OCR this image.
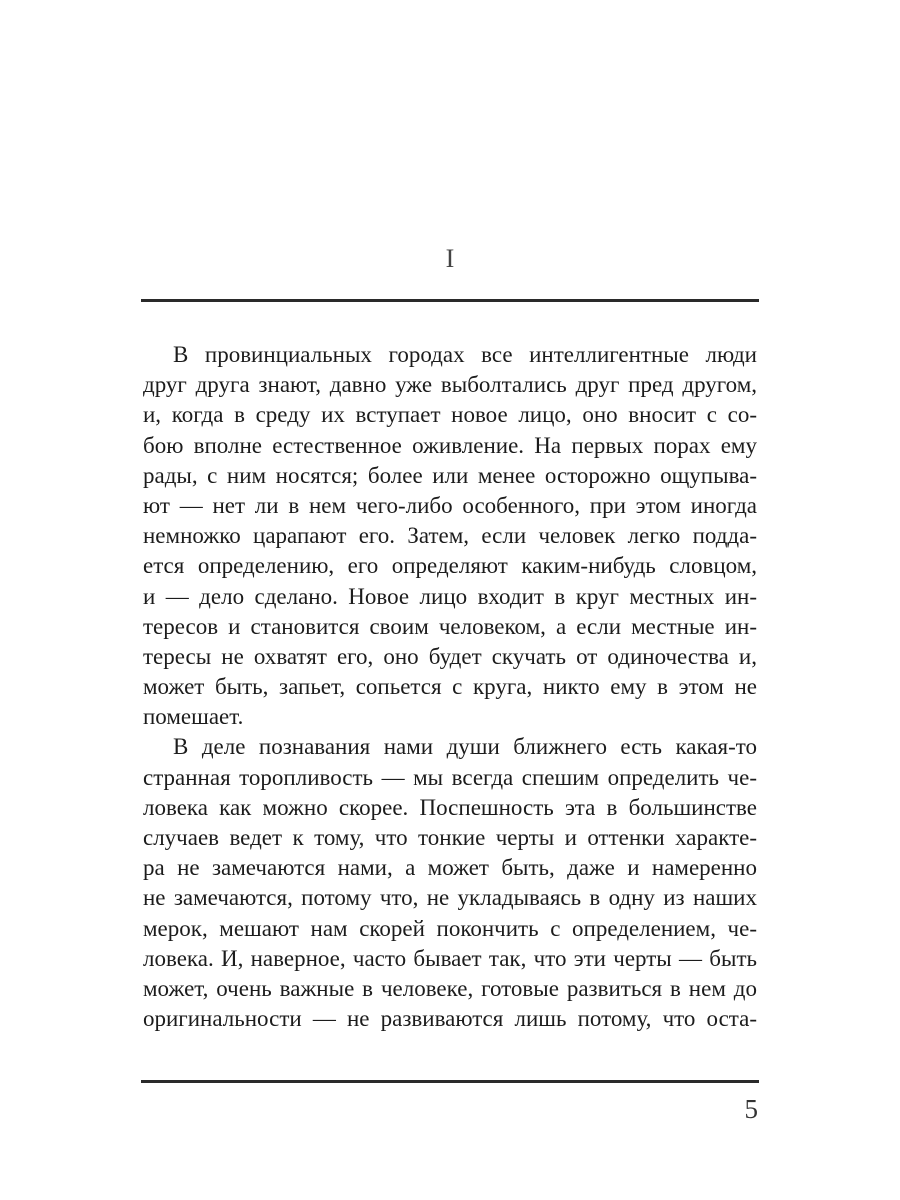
I
В провинциальных городах все интеллигентные люди
друг друга знают, давно уже выболтались друг пред другом,
и, когда в среду их вступает новое лицо, оно вносит с со-
бою вполне естественное оживление. На первых порах ему
рады, с ним носятся; более или менее осторожно ощупыва-
ют — нет ли в нем чего-либо особенного, при этом иногда
немножко царапают его. Затем, если человек легко подда-
ется определению, его определяют каким-нибудь словцом,
и — дело сделано. Новое лицо входит в круг местных ин-
тересов и становится своим человеком, а если местные ин-
тересы не охватят его, оно будет скучать от одиночества и,
может быть, запьет, сопьется с круга, никто ему в этом не
помешает.
В деле познавания нами души ближнего есть какая-то
странная торопливость — мы всегда спешим определить че-
ловека как можно скорее. Поспешность эта в большинстве
случаев ведет к тому, что тонкие черты и оттенки характе-
ра не замечаются нами, а может быть, даже и намеренно
не замечаются, потому что, не укладываясь в одну из наших
мерок, мешают нам скорей покончить с определением, че-
ловека. И, наверное, часто бывает так, что эти черты — быть
может, очень важные в человеке, готовые развиться в нем до
оригинальности — не развиваются лишь потому, что оста-
5
